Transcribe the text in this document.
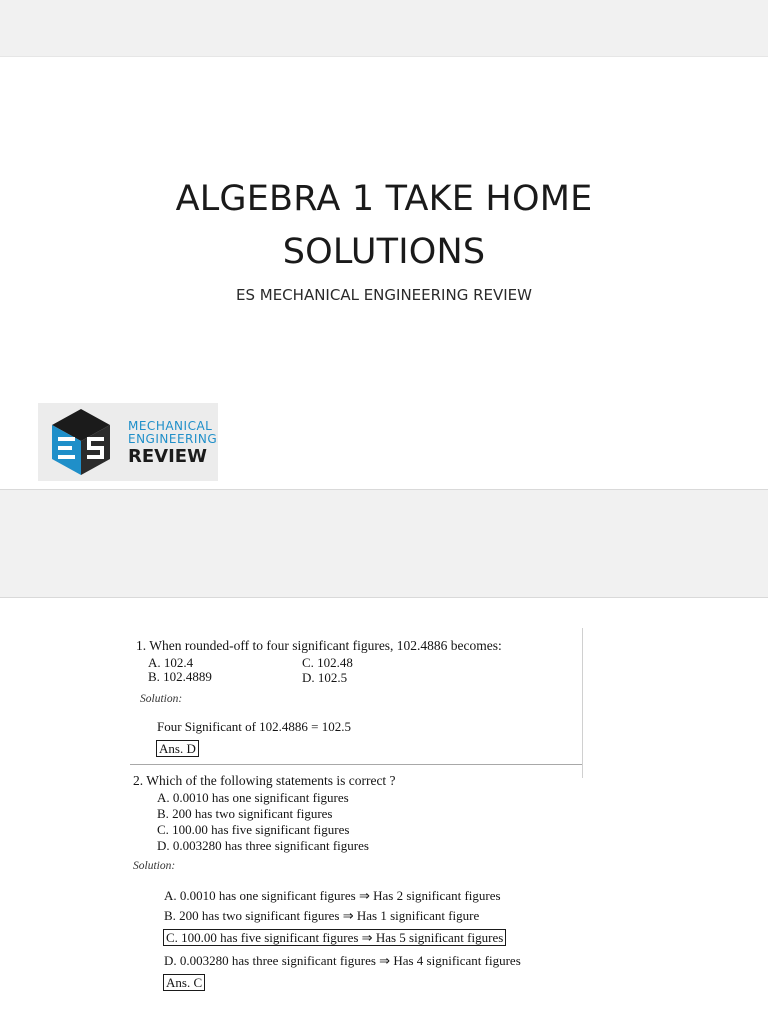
ALGEBRA 1 TAKE HOME
SOLUTIONS
ES MECHANICAL ENGINEERING REVIEW
MECHANICAL
ENGINEERING
REVIEW
1. When rounded-off to four significant figures, 102.4886 becomes:
A. 102.4	C. 102.48
B. 102.4889	D. 102.5
Solution:
Four Significant of 102.4886 = 102.5
Ans. D
2. Which of the following statements is correct ?
A. 0.0010 has one significant figures
B. 200 has two significant figures
C. 100.00 has five significant figures
D. 0.003280 has three significant figures
Solution:
A. 0.0010 has one significant figures ⇒ Has 2 significant figures
B. 200 has two significant figures ⇒ Has 1 significant figure
C. 100.00 has five significant figures ⇒ Has 5 significant figures
D. 0.003280 has three significant figures ⇒ Has 4 significant figures
Ans. C
